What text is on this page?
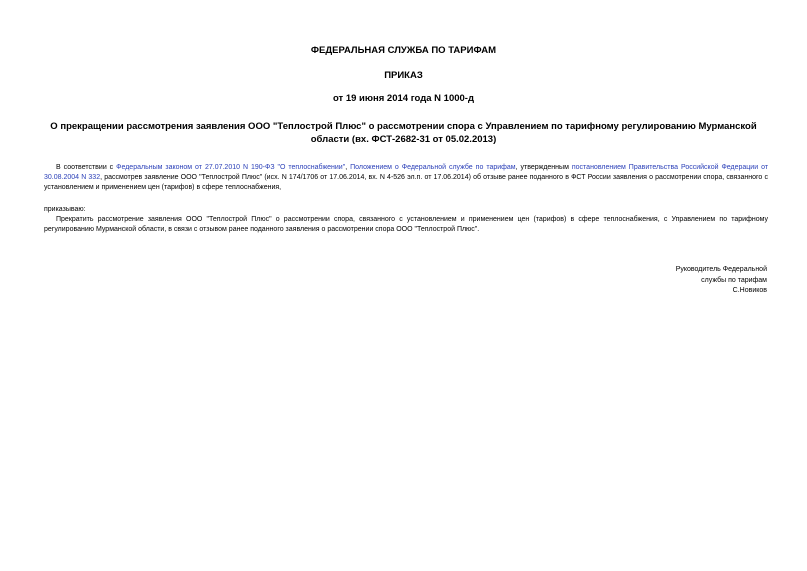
ФЕДЕРАЛЬНАЯ СЛУЖБА ПО ТАРИФАМ
ПРИКАЗ
от 19 июня 2014 года N 1000-д
О прекращении рассмотрения заявления ООО "Теплострой Плюс" о рассмотрении спора с Управлением по тарифному регулированию Мурманской области (вх. ФСТ-2682-31 от 05.02.2013)
В соответствии с Федеральным законом от 27.07.2010 N 190-ФЗ "О теплоснабжении", Положением о Федеральной службе по тарифам, утвержденным постановлением Правительства Российской Федерации от 30.08.2004 N 332, рассмотрев заявление ООО "Теплострой Плюс" (исх. N 174/1706 от 17.06.2014, вх. N 4-526 эл.п. от 17.06.2014) об отзыве ранее поданного в ФСТ России заявления о рассмотрении спора, связанного с установлением и применением цен (тарифов) в сфере теплоснабжения,
приказываю:
Прекратить рассмотрение заявления ООО "Теплострой Плюс" о рассмотрении спора, связанного с установлением и применением цен (тарифов) в сфере теплоснабжения, с Управлением по тарифному регулированию Мурманской области, в связи с отзывом ранее поданного заявления о рассмотрении спора ООО "Теплострой Плюс".
Руководитель Федеральной
службы по тарифам
С.Новиков
